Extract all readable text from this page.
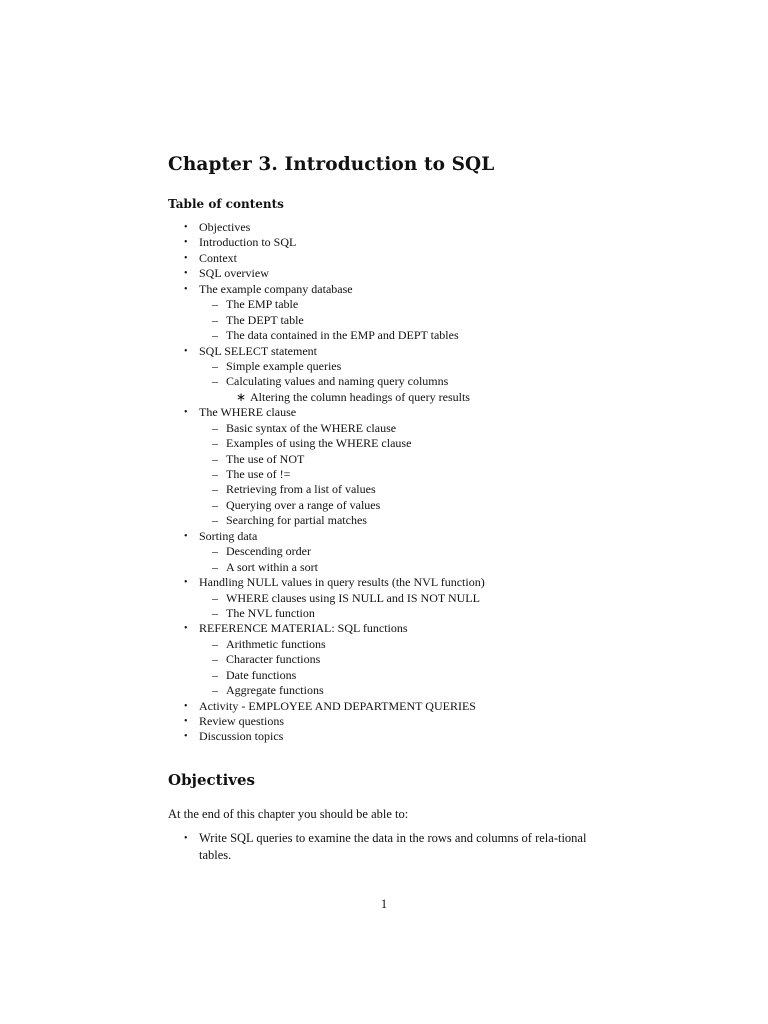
Chapter 3. Introduction to SQL
Table of contents
• Objectives
• Introduction to SQL
• Context
• SQL overview
• The example company database
– The EMP table
– The DEPT table
– The data contained in the EMP and DEPT tables
• SQL SELECT statement
– Simple example queries
– Calculating values and naming query columns
∗ Altering the column headings of query results
• The WHERE clause
– Basic syntax of the WHERE clause
– Examples of using the WHERE clause
– The use of NOT
– The use of !=
– Retrieving from a list of values
– Querying over a range of values
– Searching for partial matches
• Sorting data
– Descending order
– A sort within a sort
• Handling NULL values in query results (the NVL function)
– WHERE clauses using IS NULL and IS NOT NULL
– The NVL function
• REFERENCE MATERIAL: SQL functions
– Arithmetic functions
– Character functions
– Date functions
– Aggregate functions
• Activity - EMPLOYEE AND DEPARTMENT QUERIES
• Review questions
• Discussion topics
Objectives

At the end of this chapter you should be able to:

• Write SQL queries to examine the data in the rows and columns of rela-tional tables.
1
